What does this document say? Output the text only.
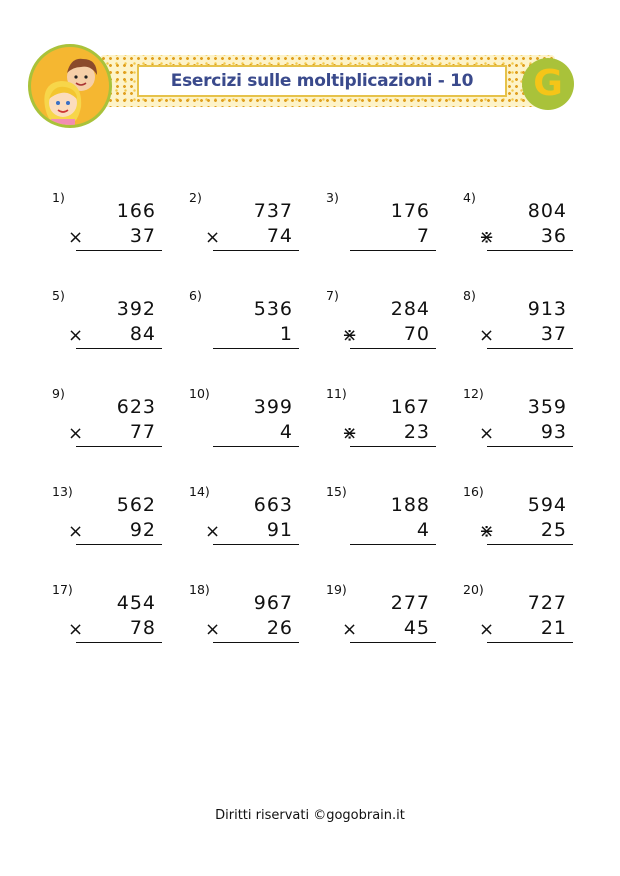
Esercizi sulle moltiplicazioni - 10 G
1)
166
× 37
2)
737
× 74
3)
176
7
4)
804
⋇ 36
5)
392
× 84
6)
536
1
7)
284
⋇ 70
8)
913
× 37
9)
623
× 77
10)
399
4
11)
167
⋇ 23
12)
359
× 93
13)
562
× 92
14)
663
× 91
15)
188
4
16)
594
⋇ 25
17)
454
× 78
18)
967
× 26
19)
277
× 45
20)
727
× 21
Diritti riservati ©gogobrain.it
